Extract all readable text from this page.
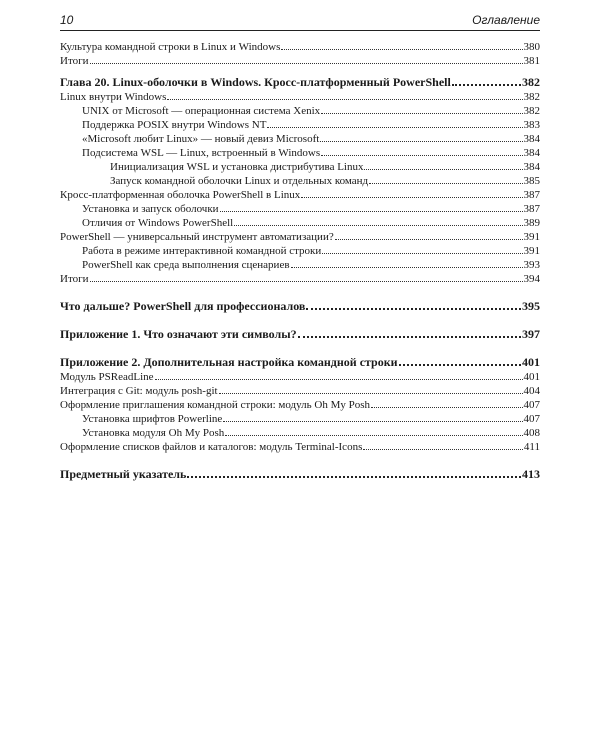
10	Оглавление
Культура командной строки в Linux и Windows	380
Итоги	381
Глава 20. Linux-оболочки в Windows. Кросс-платформенный PowerShell	382
Linux внутри Windows	382
UNIX от Microsoft — операционная система Xenix	382
Поддержка POSIX внутри Windows NT	383
«Microsoft любит Linux» — новый девиз Microsoft	384
Подсистема WSL — Linux, встроенный в Windows	384
Инициализация WSL и установка дистрибутива Linux	384
Запуск командной оболочки Linux и отдельных команд	385
Кросс-платформенная оболочка PowerShell в Linux	387
Установка и запуск оболочки	387
Отличия от Windows PowerShell	389
PowerShell — универсальный инструмент автоматизации?	391
Работа в режиме интерактивной командной строки	391
PowerShell как среда выполнения сценариев	393
Итоги	394
Что дальше? PowerShell для профессионалов	395
Приложение 1. Что означают эти символы?	397
Приложение 2. Дополнительная настройка командной строки	401
Модуль PSReadLine	401
Интеграция с Git: модуль posh-git	404
Оформление приглашения командной строки: модуль Oh My Posh	407
Установка шрифтов Powerline	407
Установка модуля Oh My Posh	408
Оформление списков файлов и каталогов: модуль Terminal-Icons	411
Предметный указатель	413
